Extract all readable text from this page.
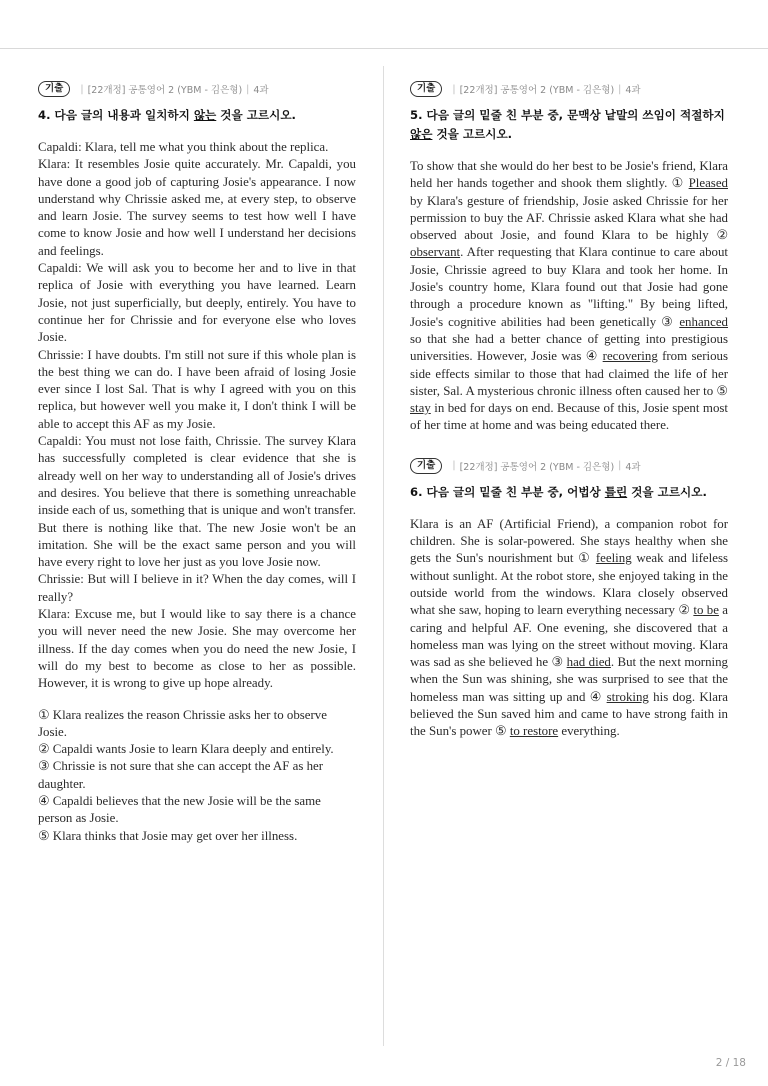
기출	| [22개정] 공통영어 2 (YBM - 김은형) | 4과
4. 다음 글의 내용과 일치하지 않는 것을 고르시오.
Capaldi: Klara, tell me what you think about the replica.
Klara: It resembles Josie quite accurately. Mr. Capaldi, you have done a good job of capturing Josie's appearance. I now understand why Chrissie asked me, at every step, to observe and learn Josie. The survey seems to test how well I have come to know Josie and how well I understand her decisions and feelings.
Capaldi: We will ask you to become her and to live in that replica of Josie with everything you have learned. Learn Josie, not just superficially, but deeply, entirely. You have to continue her for Chrissie and for everyone else who loves Josie.
Chrissie: I have doubts. I'm still not sure if this whole plan is the best thing we can do. I have been afraid of losing Josie ever since I lost Sal. That is why I agreed with you on this replica, but however well you make it, I don't think I will be able to accept this AF as my Josie.
Capaldi: You must not lose faith, Chrissie. The survey Klara has successfully completed is clear evidence that she is already well on her way to understanding all of Josie's drives and desires. You believe that there is something unreachable inside each of us, something that is unique and won't transfer. But there is nothing like that. The new Josie won't be an imitation. She will be the exact same person and you will have every right to love her just as you love Josie now.
Chrissie: But will I believe in it? When the day comes, will I really?
Klara: Excuse me, but I would like to say there is a chance you will never need the new Josie. She may overcome her illness. If the day comes when you do need the new Josie, I will do my best to become as close to her as possible. However, it is wrong to give up hope already.
① Klara realizes the reason Chrissie asks her to observe Josie.
② Capaldi wants Josie to learn Klara deeply and entirely.
③ Chrissie is not sure that she can accept the AF as her daughter.
④ Capaldi believes that the new Josie will be the same person as Josie.
⑤ Klara thinks that Josie may get over her illness.
기출	| [22개정] 공통영어 2 (YBM - 김은형) | 4과
5. 다음 글의 밑줄 친 부분 중, 문맥상 낱말의 쓰임이 적절하지 않은 것을 고르시오.

To show that she would do her best to be Josie's friend, Klara held her hands together and shook them slightly. ① Pleased by Klara's gesture of friendship, Josie asked Chrissie for her permission to buy the AF. Chrissie asked Klara what she had observed about Josie, and found Klara to be highly ② observant. After requesting that Klara continue to care about Josie, Chrissie agreed to buy Klara and took her home. In Josie's country home, Klara found out that Josie had gone through a procedure known as "lifting." By being lifted, Josie's cognitive abilities had been genetically ③ enhanced so that she had a better chance of getting into prestigious universities. However, Josie was ④ recovering from serious side effects similar to those that had claimed the life of her sister, Sal. A mysterious chronic illness often caused her to ⑤ stay in bed for days on end. Because of this, Josie spent most of her time at home and was being educated there.

기출	| [22개정] 공통영어 2 (YBM - 김은형) | 4과
6. 다음 글의 밑줄 친 부분 중, 어법상 틀린 것을 고르시오.

Klara is an AF (Artificial Friend), a companion robot for children. She is solar-powered. She stays healthy when she gets the Sun's nourishment but ① feeling weak and lifeless without sunlight. At the robot store, she enjoyed taking in the outside world from the windows. Klara closely observed what she saw, hoping to learn everything necessary ② to be a caring and helpful AF. One evening, she discovered that a homeless man was lying on the street without moving. Klara was sad as she believed he ③ had died. But the next morning when the Sun was shining, she was surprised to see that the homeless man was sitting up and ④ stroking his dog. Klara believed the Sun saved him and came to have strong faith in the Sun's power ⑤ to restore everything.

2 / 18
